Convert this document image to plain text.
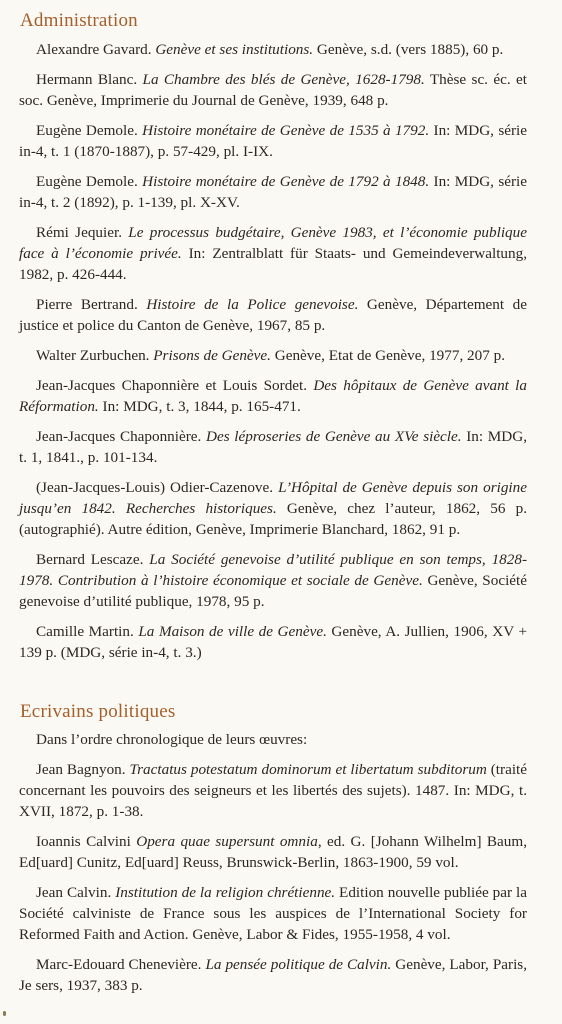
Administration

Alexandre Gavard. Genève et ses institutions. Genève, s.d. (vers 1885), 60 p.

Hermann Blanc. La Chambre des blés de Genève, 1628-1798. Thèse sc. éc. et soc. Genève, Imprimerie du Journal de Genève, 1939, 648 p.

Eugène Demole. Histoire monétaire de Genève de 1535 à 1792. In: MDG, série in-4, t. 1 (1870-1887), p. 57-429, pl. I-IX.

Eugène Demole. Histoire monétaire de Genève de 1792 à 1848. In: MDG, série in-4, t. 2 (1892), p. 1-139, pl. X-XV.

Rémi Jequier. Le processus budgétaire, Genève 1983, et l’économie publique face à l’économie privée. In: Zentralblatt für Staats- und Gemeindeverwaltung, 1982, p. 426-444.

Pierre Bertrand. Histoire de la Police genevoise. Genève, Département de justice et police du Canton de Genève, 1967, 85 p.

Walter Zurbuchen. Prisons de Genève. Genève, Etat de Genève, 1977, 207 p.

Jean-Jacques Chaponnière et Louis Sordet. Des hôpitaux de Genève avant la Réformation. In: MDG, t. 3, 1844, p. 165-471.

Jean-Jacques Chaponnière. Des léproseries de Genève au XVe siècle. In: MDG, t. 1, 1841., p. 101-134.

(Jean-Jacques-Louis) Odier-Cazenove. L’Hôpital de Genève depuis son origine jusqu’en 1842. Recherches historiques. Genève, chez l’auteur, 1862, 56 p. (autographié). Autre édition, Genève, Imprimerie Blanchard, 1862, 91 p.

Bernard Lescaze. La Société genevoise d’utilité publique en son temps, 1828-1978. Contribution à l’histoire économique et sociale de Genève. Genève, Société genevoise d’utilité publique, 1978, 95 p.

Camille Martin. La Maison de ville de Genève. Genève, A. Jullien, 1906, XV + 139 p. (MDG, série in-4, t. 3.)

Ecrivains politiques

Dans l’ordre chronologique de leurs œuvres:

Jean Bagnyon. Tractatus potestatum dominorum et libertatum subditorum (traité concernant les pouvoirs des seigneurs et les libertés des sujets). 1487. In: MDG, t. XVII, 1872, p. 1-38.

Ioannis Calvini Opera quae supersunt omnia, ed. G. [Johann Wilhelm] Baum, Ed[uard] Cunitz, Ed[uard] Reuss, Brunswick-Berlin, 1863-1900, 59 vol.

Jean Calvin. Institution de la religion chrétienne. Edition nouvelle publiée par la Société calviniste de France sous les auspices de l’International Society for Reformed Faith and Action. Genève, Labor & Fides, 1955-1958, 4 vol.

Marc-Edouard Chenevière. La pensée politique de Calvin. Genève, Labor, Paris, Je sers, 1937, 383 p.
